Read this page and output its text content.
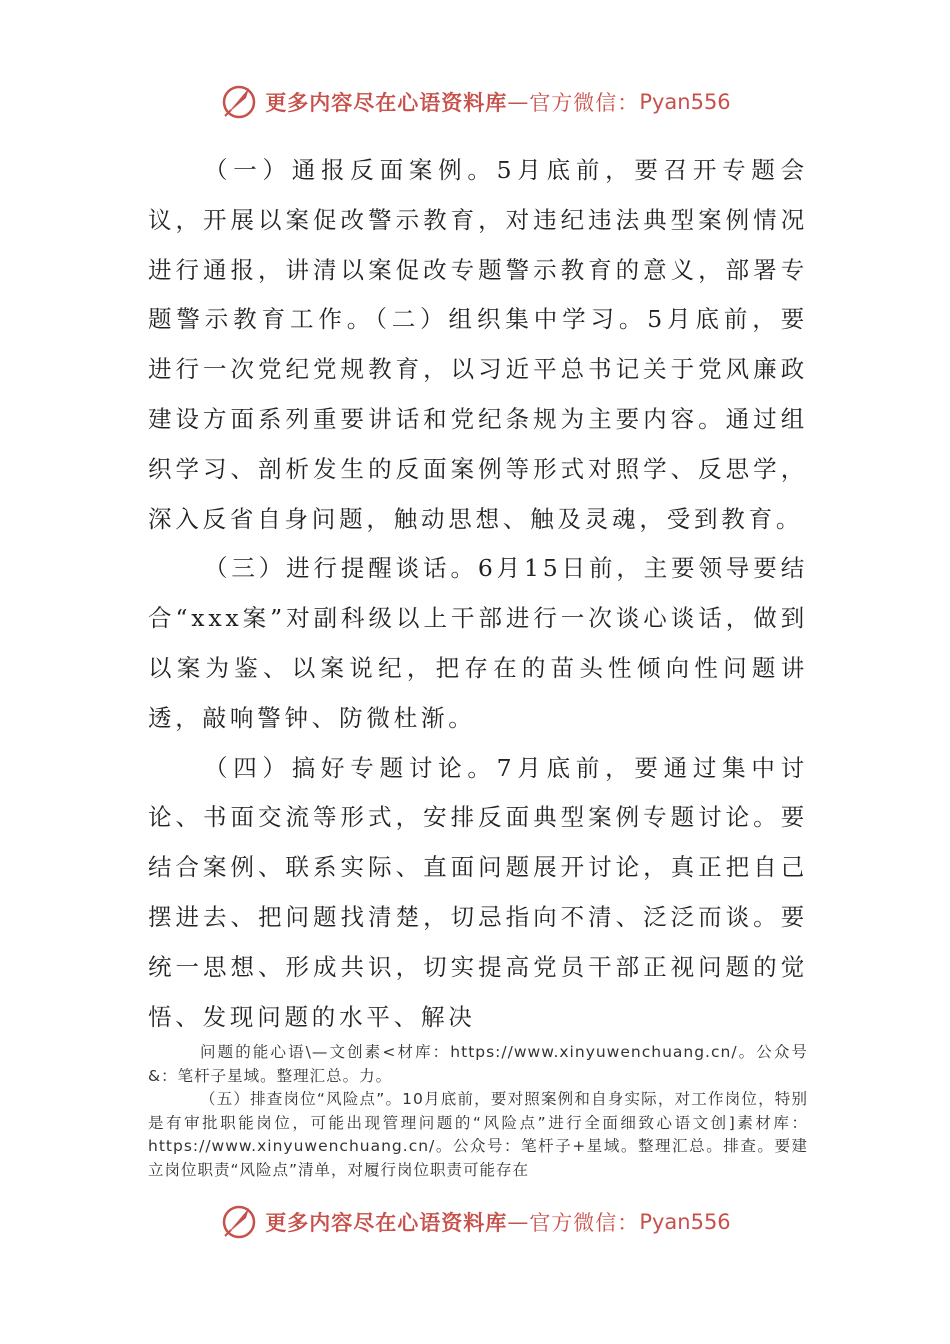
更多内容尽在心语资料库 — 官方微信： Pyan556

（一）通报反面案例。5月底前，要召开专题会议，开展以案促改警示教育，对违纪违法典型案例情况进行通报，讲清以案促改专题警示教育的意义，部署专题警示教育工作。（二）组织集中学习。5月底前，要进行一次党纪党规教育，以习近平总书记关于党风廉政建设方面系列重要讲话和党纪条规为主要内容。通过组织学习、剖析发生的反面案例等形式对照学、反思学，深入反省自身问题，触动思想、触及灵魂，受到教育。

（三）进行提醒谈话。6月15日前，主要领导要结合“xxx案”对副科级以上干部进行一次谈心谈话，做到以案为鉴、以案说纪，把存在的苗头性倾向性问题讲透，敲响警钟、防微杜渐。

（四）搞好专题讨论。7月底前，要通过集中讨论、书面交流等形式，安排反面典型案例专题讨论。要结合案例、联系实际、直面问题展开讨论，真正把自己摆进去、把问题找清楚，切忌指向不清、泛泛而谈。要统一思想、形成共识，切实提高党员干部正视问题的觉悟、发现问题的水平、解决

问题的能心语\—文创素<材库：https://www.xinyuwenchuang.cn/。公众号&：笔杆子星域。整理汇总。力。

（五）排查岗位“风险点”。10月底前，要对照案例和自身实际，对工作岗位，特别是有审批职能岗位，可能出现管理问题的“风险点”进行全面细致心语文创]素材库：https://www.xinyuwenchuang.cn/。公众号：笔杆子+星域。整理汇总。排查。要建立岗位职责“风险点”清单，对履行岗位职责可能存在

更多内容尽在心语资料库 — 官方微信： Pyan556
